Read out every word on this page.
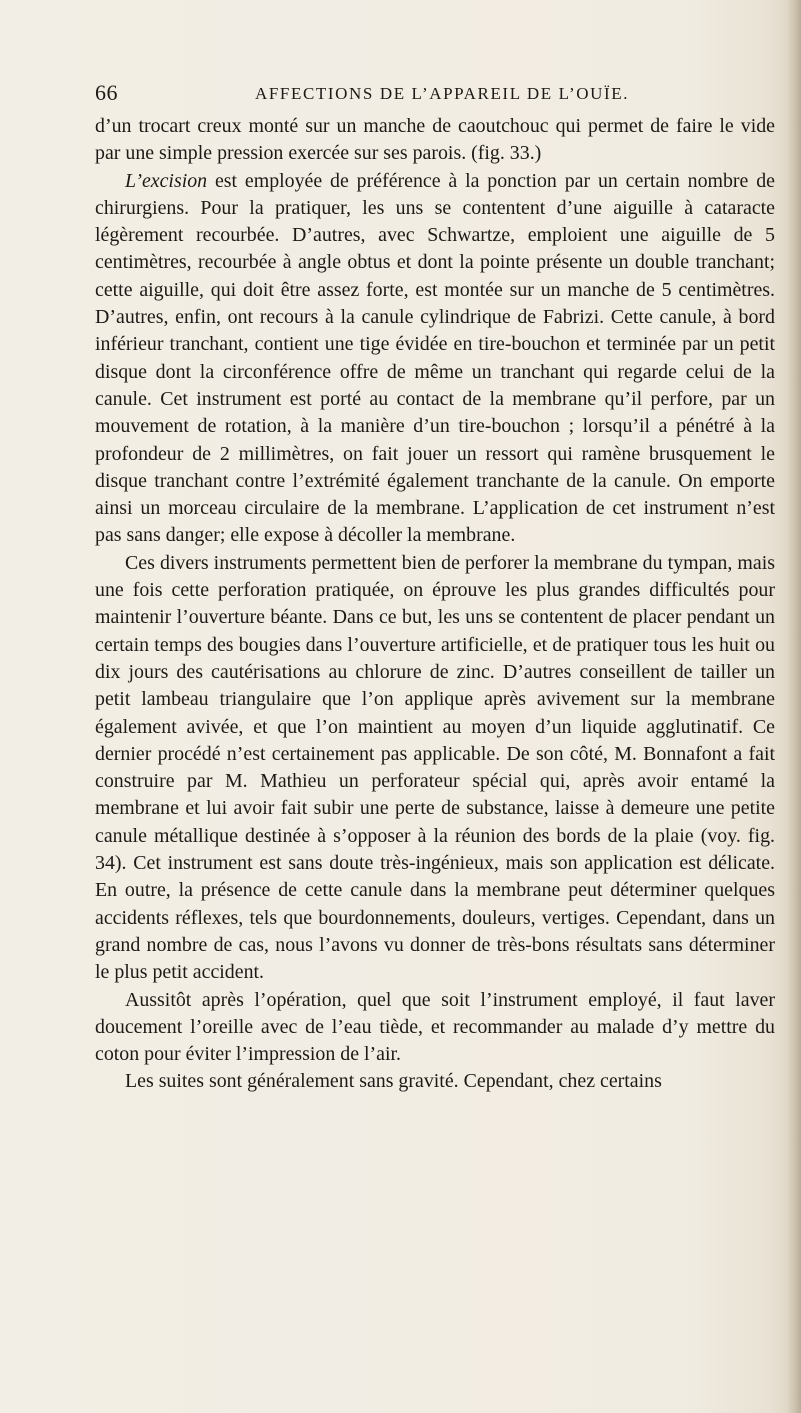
66	AFFECTIONS DE L’APPAREIL DE L’OUÏE.

d’un trocart creux monté sur un manche de caoutchouc qui permet de faire le vide par une simple pression exercée sur ses parois. (fig. 33.)

L’excision est employée de préférence à la ponction par un certain nombre de chirurgiens. Pour la pratiquer, les uns se contentent d’une aiguille à cataracte légèrement recourbée. D’autres, avec Schwartze, emploient une aiguille de 5 centimètres, recourbée à angle obtus et dont la pointe présente un double tranchant; cette aiguille, qui doit être assez forte, est montée sur un manche de 5 centimètres. D’autres, enfin, ont recours à la canule cylindrique de Fabrizi. Cette canule, à bord inférieur tranchant, contient une tige évidée en tire-bouchon et terminée par un petit disque dont la circonférence offre de même un tranchant qui regarde celui de la canule. Cet instrument est porté au contact de la membrane qu’il perfore, par un mouvement de rotation, à la manière d’un tire-bouchon ; lorsqu’il a pénétré à la profondeur de 2 millimètres, on fait jouer un ressort qui ramène brusquement le disque tranchant contre l’extrémité également tranchante de la canule. On emporte ainsi un morceau circulaire de la membrane. L’application de cet instrument n’est pas sans danger; elle expose à décoller la membrane.

Ces divers instruments permettent bien de perforer la membrane du tympan, mais une fois cette perforation pratiquée, on éprouve les plus grandes difficultés pour maintenir l’ouverture béante. Dans ce but, les uns se contentent de placer pendant un certain temps des bougies dans l’ouverture artificielle, et de pratiquer tous les huit ou dix jours des cautérisations au chlorure de zinc. D’autres conseillent de tailler un petit lambeau triangulaire que l’on applique après avivement sur la membrane également avivée, et que l’on maintient au moyen d’un liquide agglutinatif. Ce dernier procédé n’est certainement pas applicable. De son côté, M. Bonnafont a fait construire par M. Mathieu un perforateur spécial qui, après avoir entamé la membrane et lui avoir fait subir une perte de substance, laisse à demeure une petite canule métallique destinée à s’opposer à la réunion des bords de la plaie (voy. fig. 34). Cet instrument est sans doute très-ingénieux, mais son application est délicate. En outre, la présence de cette canule dans la membrane peut déterminer quelques accidents réflexes, tels que bourdonnements, douleurs, vertiges. Cependant, dans un grand nombre de cas, nous l’avons vu donner de très-bons résultats sans déterminer le plus petit accident.

Aussitôt après l’opération, quel que soit l’instrument employé, il faut laver doucement l’oreille avec de l’eau tiède, et recommander au malade d’y mettre du coton pour éviter l’impression de l’air.

Les suites sont généralement sans gravité. Cependant, chez certains
